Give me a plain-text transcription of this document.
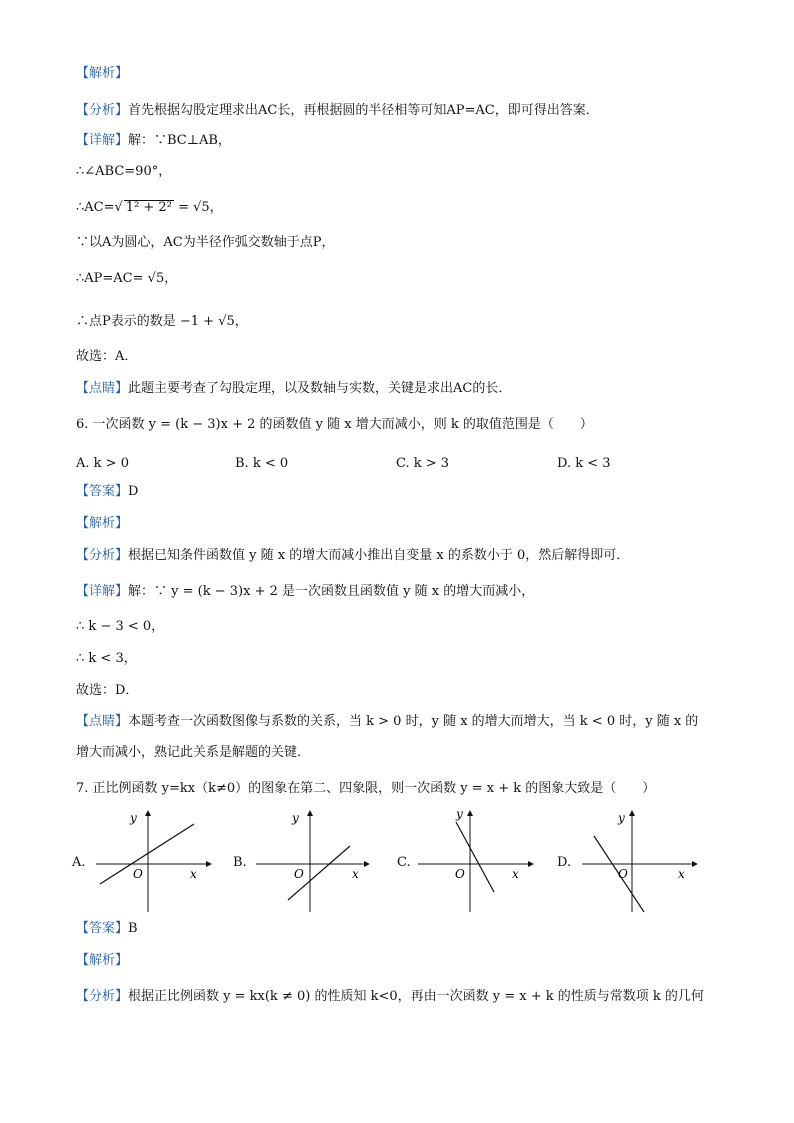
【解析】
【分析】首先根据勾股定理求出AC长，再根据圆的半径相等可知AP=AC，即可得出答案．
【详解】解：∵BC⊥AB，
∴∠ABC=90°，
∴AC=√ 1² + 2² = √5，
∵以A为圆心，AC为半径作弧交数轴于点P，
∴AP=AC= √5，
∴点P表示的数是 −1 + √5，
故选：A．
【点睛】此题主要考查了勾股定理，以及数轴与实数，关键是求出AC的长．
6. 一次函数 y = (k − 3)x + 2 的函数值 y 随 x 增大而减小，则 k 的取值范围是（　　）
A. k > 0	B. k < 0	C. k > 3	D. k < 3
【答案】D
【解析】
【分析】根据已知条件函数值 y 随 x 的增大而减小推出自变量 x 的系数小于 0，然后解得即可．
【详解】解：∵ y = (k − 3)x + 2 是一次函数且函数值 y 随 x 的增大而减小，
∴ k − 3 < 0，
∴ k < 3，
故选：D．
【点睛】本题考查一次函数图像与系数的关系，当 k > 0 时，y 随 x 的增大而增大，当 k < 0 时，y 随 x 的
增大而减小，熟记此关系是解题的关键．
7. 正比例函数 y=kx（k≠0）的图象在第二、四象限，则一次函数 y = x + k 的图象大致是（　　）
A.
y
x
O
B.
y
x
O
C.
y
x
O
D.
y
x
O
【答案】B
【解析】
【分析】根据正比例函数 y = kx(k ≠ 0) 的性质知 k<0，再由一次函数 y = x + k 的性质与常数项 k 的几何
